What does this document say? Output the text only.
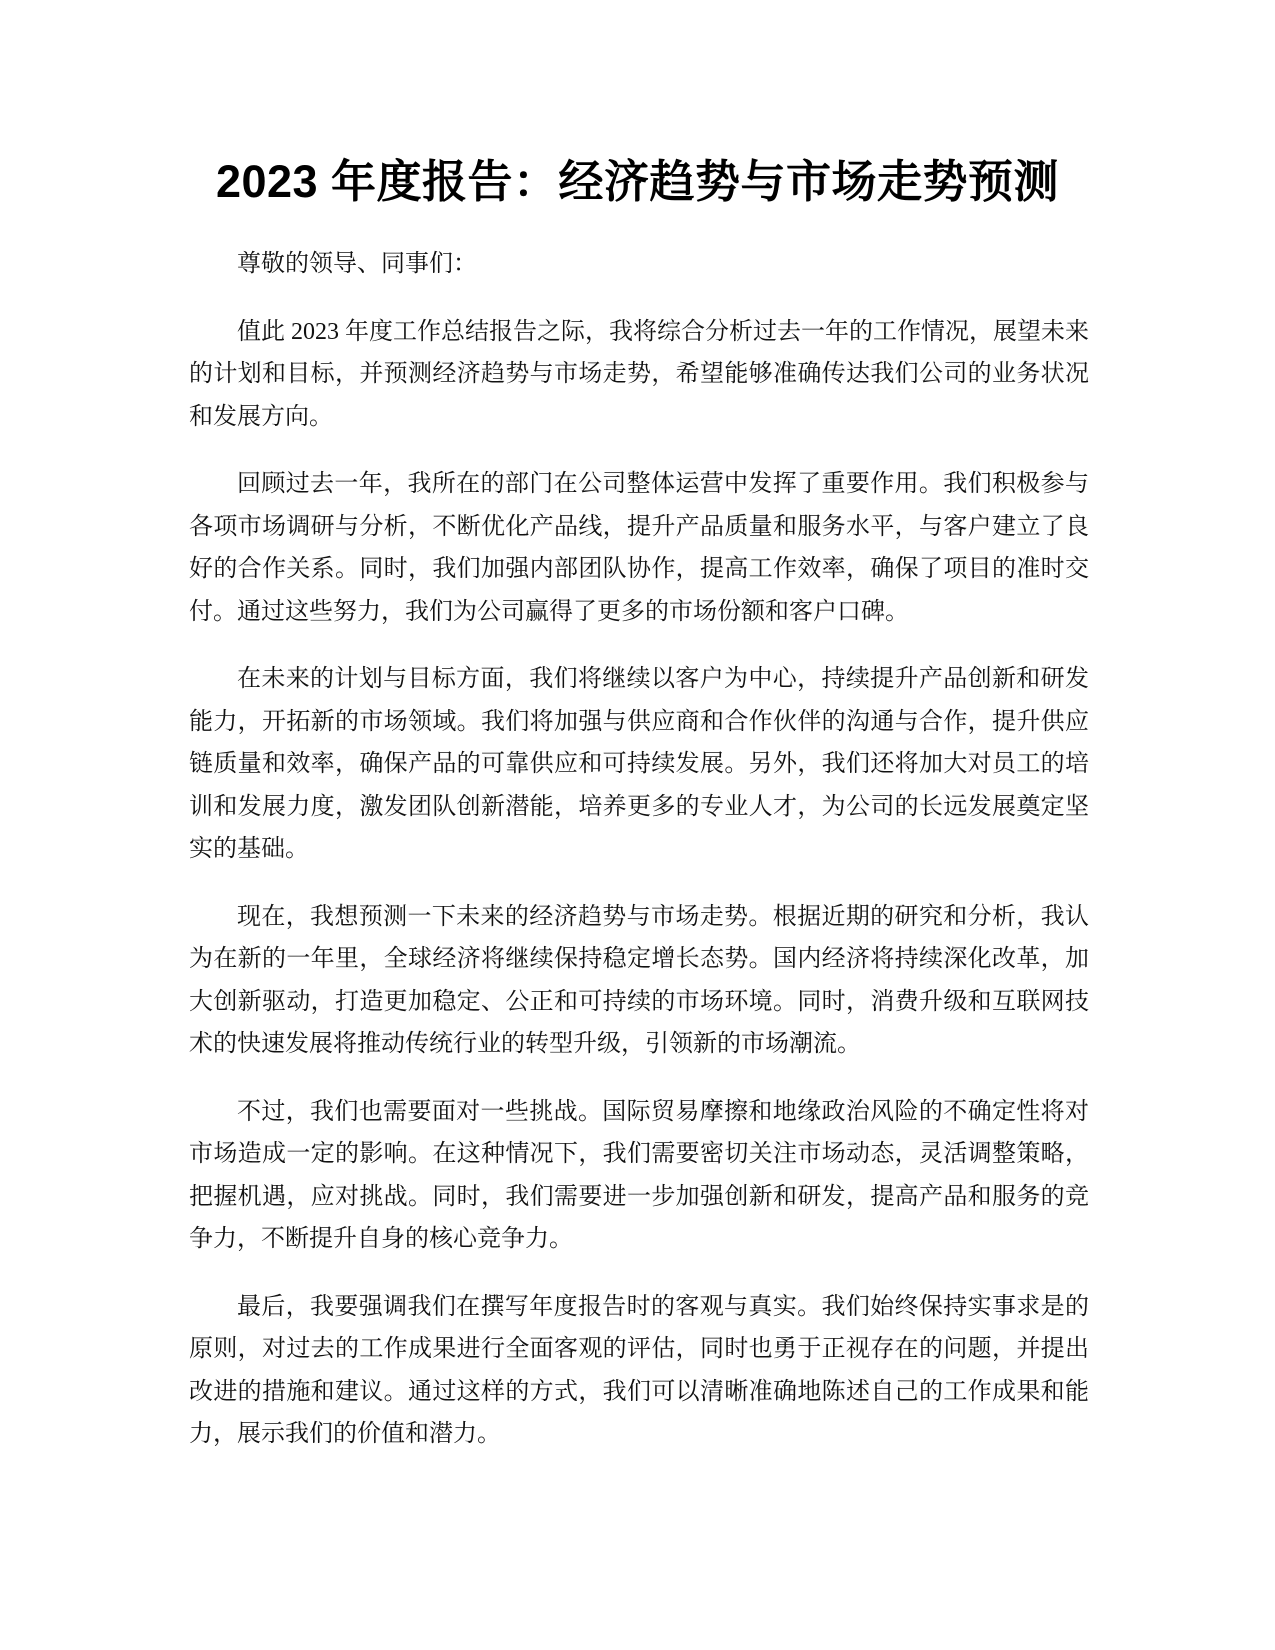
2023 年度报告：经济趋势与市场走势预测

尊敬的领导、同事们：

值此 2023 年度工作总结报告之际，我将综合分析过去一年的工作情况，展望未来的计划和目标，并预测经济趋势与市场走势，希望能够准确传达我们公司的业务状况和发展方向。

回顾过去一年，我所在的部门在公司整体运营中发挥了重要作用。我们积极参与各项市场调研与分析，不断优化产品线，提升产品质量和服务水平，与客户建立了良好的合作关系。同时，我们加强内部团队协作，提高工作效率，确保了项目的准时交付。通过这些努力，我们为公司赢得了更多的市场份额和客户口碑。

在未来的计划与目标方面，我们将继续以客户为中心，持续提升产品创新和研发能力，开拓新的市场领域。我们将加强与供应商和合作伙伴的沟通与合作，提升供应链质量和效率，确保产品的可靠供应和可持续发展。另外，我们还将加大对员工的培训和发展力度，激发团队创新潜能，培养更多的专业人才，为公司的长远发展奠定坚实的基础。

现在，我想预测一下未来的经济趋势与市场走势。根据近期的研究和分析，我认为在新的一年里，全球经济将继续保持稳定增长态势。国内经济将持续深化改革，加大创新驱动，打造更加稳定、公正和可持续的市场环境。同时，消费升级和互联网技术的快速发展将推动传统行业的转型升级，引领新的市场潮流。

不过，我们也需要面对一些挑战。国际贸易摩擦和地缘政治风险的不确定性将对市场造成一定的影响。在这种情况下，我们需要密切关注市场动态，灵活调整策略，把握机遇，应对挑战。同时，我们需要进一步加强创新和研发，提高产品和服务的竞争力，不断提升自身的核心竞争力。

最后，我要强调我们在撰写年度报告时的客观与真实。我们始终保持实事求是的原则，对过去的工作成果进行全面客观的评估，同时也勇于正视存在的问题，并提出改进的措施和建议。通过这样的方式，我们可以清晰准确地陈述自己的工作成果和能力，展示我们的价值和潜力。
